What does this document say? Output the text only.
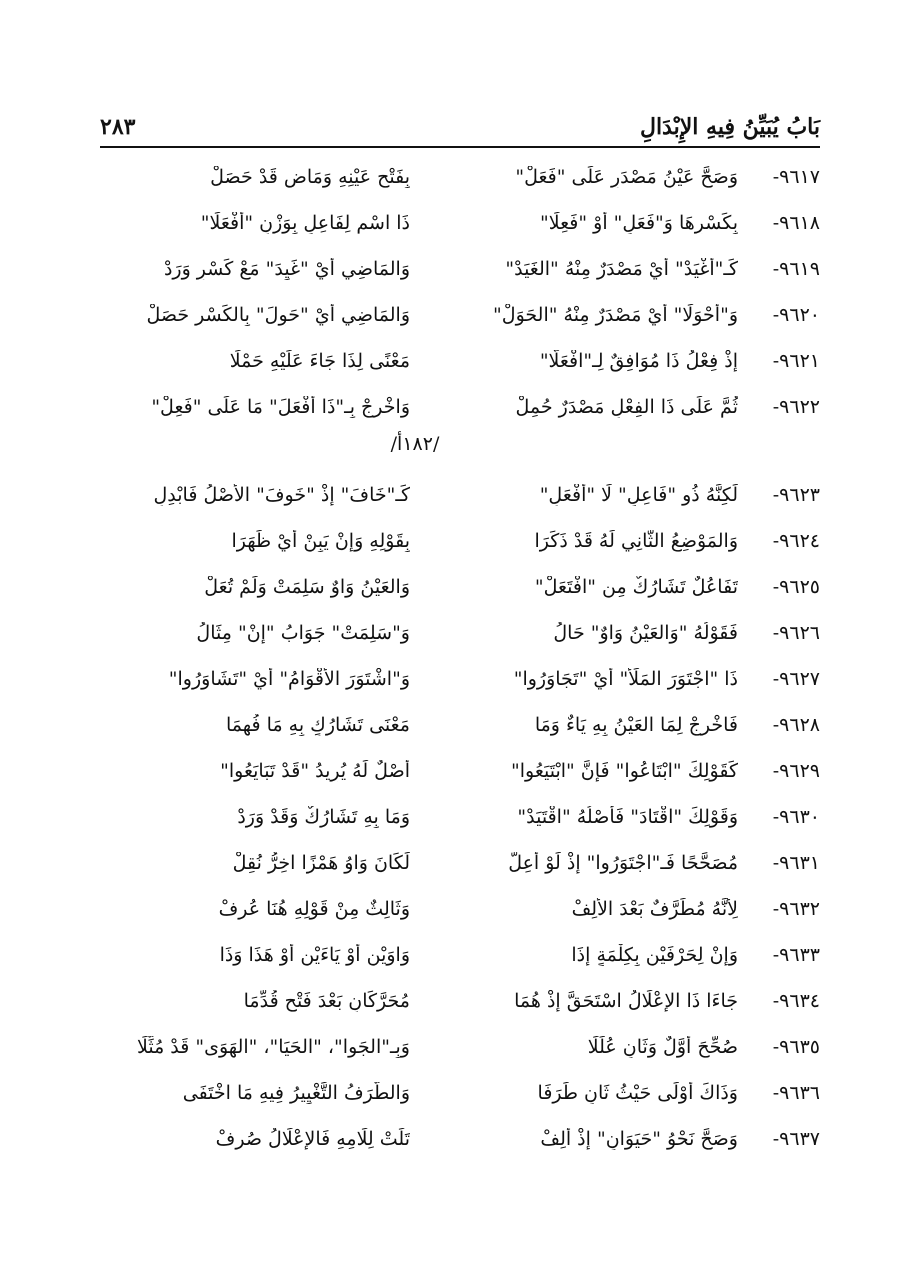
بَابُ يُبَيِّنُ فِيهِ الإِبْدَالِ
٢٨٣
٩٦١٧-
وَصَحَّ عَيْنُ مَصْدَرٍ عَلَى "فَعَلْ"
بِفَتْحِ عَيْنِهِ وَمَاضٍ قَدْ حَصَلْ
٩٦١٨-
بِكَسْرِهَا وَ"فَعَلٍ" أَوْ "فَعِلَا"
ذَا اسْمٍ لِفَاعِلٍ بِوَزْنِ "أَفْعَلَا"
٩٦١٩-
كَـ"أَغْيَدْ" أَيْ مَصْدَرٌ مِنْهُ "الغَيَدْ"
وَالمَاضِي أَيْ "غَيِدَ" مَعْ كَسْرٍ وَرَدْ
٩٦٢٠-
وَ"أَحْوَلَا" أَيْ مَصْدَرٌ مِنْهُ "الحَوَلْ"
وَالمَاضِي أَيْ "حَوِلَ" بِالكَسْرِ حَصَلْ
٩٦٢١-
إِذْ فِعْلُ ذَا مُوَافِقٌ لِـ"افْعَلَّا"
مَعْنًى لِذَا جَاءَ عَلَيْهِ حَمْلَا
٩٦٢٢-
ثُمَّ عَلَى ذَا الفِعْلِ مَصْدَرٌ حُمِلْ
وَاخْرِجْ بِـ"ذَا أَفْعَلَ" مَا عَلَى "فَعِلْ"
/١٨٢أ/
٩٦٢٣-
لَكِنَّهُ ذُو "فَاعِلٍ" لَا "أَفْعَلِ"
كَـ"خَافَ" إِذْ "خَوِفَ" الأَصْلُ فَابْدِلِ
٩٦٢٤-
وَالمَوْضِعُ الثَّانِي لَهُ قَدْ ذَكَرَا
بِقَوْلِهِ وَإِنْ يَبِنْ أَيْ ظَهَرَا
٩٦٢٥-
تَفَاعُلٌ تَشَارُكٌ مِنِ "افْتَعَلْ"
وَالعَيْنُ وَاوٌ سَلِمَتْ وَلَمْ تُعَلْ
٩٦٢٦-
فَقَوْلُهُ "وَالعَيْنُ وَاوٌ" حَالُ
وَ"سَلِمَتْ" جَوَابُ "إِنْ" مِثَالُ
٩٦٢٧-
ذَا "اجْتَوَرَ المَلَأُ" أَيْ "تَجَاوَرُوا"
وَ"اشْتَوَرَ الأَقْوَامُ" أَيْ "تَشَاوَرُوا"
٩٦٢٨-
فَاخْرِجْ لِمَا العَيْنُ بِهِ يَاءٌ وَمَا
مَعْنَى تَشَارُكٍ بِهِ مَا فُهِمَا
٩٦٢٩-
كَقَوْلِكَ "ابْتَاعُوا" فَإِنَّ "ابْتَيَعُوا"
أَصْلٌ لَهُ يُرِيدُ "قَدْ تَبَايَعُوا"
٩٦٣٠-
وَقَوْلِكَ "اقْتَادَ" فَأَصْلُهُ "اقْتَيَدْ"
وَمَا بِهِ تَشَارُكٌ وَقَدْ وَرَدْ
٩٦٣١-
مُصَحَّحًا فَـ"اجْتَوَرُوا" إِذْ لَوْ أُعِلّ
لَكَانَ وَاوُ هَمْزًا اخِرُّ نُقِلْ
٩٦٣٢-
لِأَنَّهُ مُطَرَّفٌ بَعْدَ الأَلِفْ
وَثَالِثٌ مِنْ قَوْلِهِ هُنَا عُرِفْ
٩٦٣٣-
وَإِنْ لِحَرْفَيْنِ بِكِلْمَةٍ إِذَا
وَاوَيْنِ أَوْ يَاءَيْنِ أَوْ هَذَا وَذَا
٩٦٣٤-
جَاءَا ذَا الإِعْلَالُ اسْتَحَقَّ إِذْ هُمَا
مُحَرَّكَانِ بَعْدَ فَتْحٍ قُدِّمَا
٩٦٣٥-
صُحِّحَ أَوَّلٌ وَثَانٍ عُلِّلَا
وَبِـ"الجَوا"، "الحَيَا"، "الهَوَى" قَدْ مُثِّلَا
٩٦٣٦-
وَذَاكَ أَوْلَى حَيْثُ ثَانٍ طَرَفَا
وَالطَّرَفُ التَّغْيِيرُ فِيهِ مَا اخْتَفَى
٩٦٣٧-
وَصَحَّ نَحْوُ "حَيَوَانٍ" إِذْ أَلِفْ
تَلَتْ لِلَامِهِ فَالإِعْلَالُ صُرِفْ
